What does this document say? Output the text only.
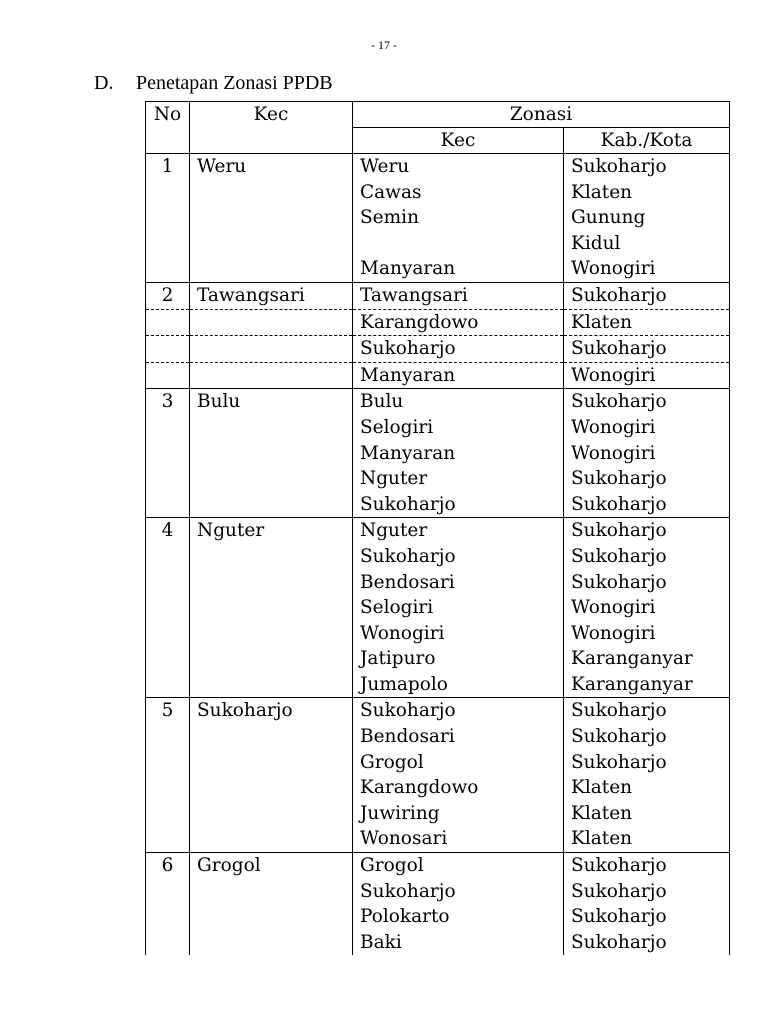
- 17 -
D. Penetapan Zonasi PPDB
No	Kec	Zonasi	
		Kec	Kab./Kota
1	Weru	Weru	Sukoharjo
		Cawas	Klaten
		Semin	Gunung
			Kidul
		Manyaran	Wonogiri
2	Tawangsari	Tawangsari	Sukoharjo
		Karangdowo	Klaten
		Sukoharjo	Sukoharjo
		Manyaran	Wonogiri
3	Bulu	Bulu	Sukoharjo
		Selogiri	Wonogiri
		Manyaran	Wonogiri
		Nguter	Sukoharjo
		Sukoharjo	Sukoharjo
4	Nguter	Nguter	Sukoharjo
		Sukoharjo	Sukoharjo
		Bendosari	Sukoharjo
		Selogiri	Wonogiri
		Wonogiri	Wonogiri
		Jatipuro	Karanganyar
		Jumapolo	Karanganyar
5	Sukoharjo	Sukoharjo	Sukoharjo
		Bendosari	Sukoharjo
		Grogol	Sukoharjo
		Karangdowo	Klaten
		Juwiring	Klaten
		Wonosari	Klaten
6	Grogol	Grogol	Sukoharjo
		Sukoharjo	Sukoharjo
		Polokarto	Sukoharjo
		Baki	Sukoharjo
